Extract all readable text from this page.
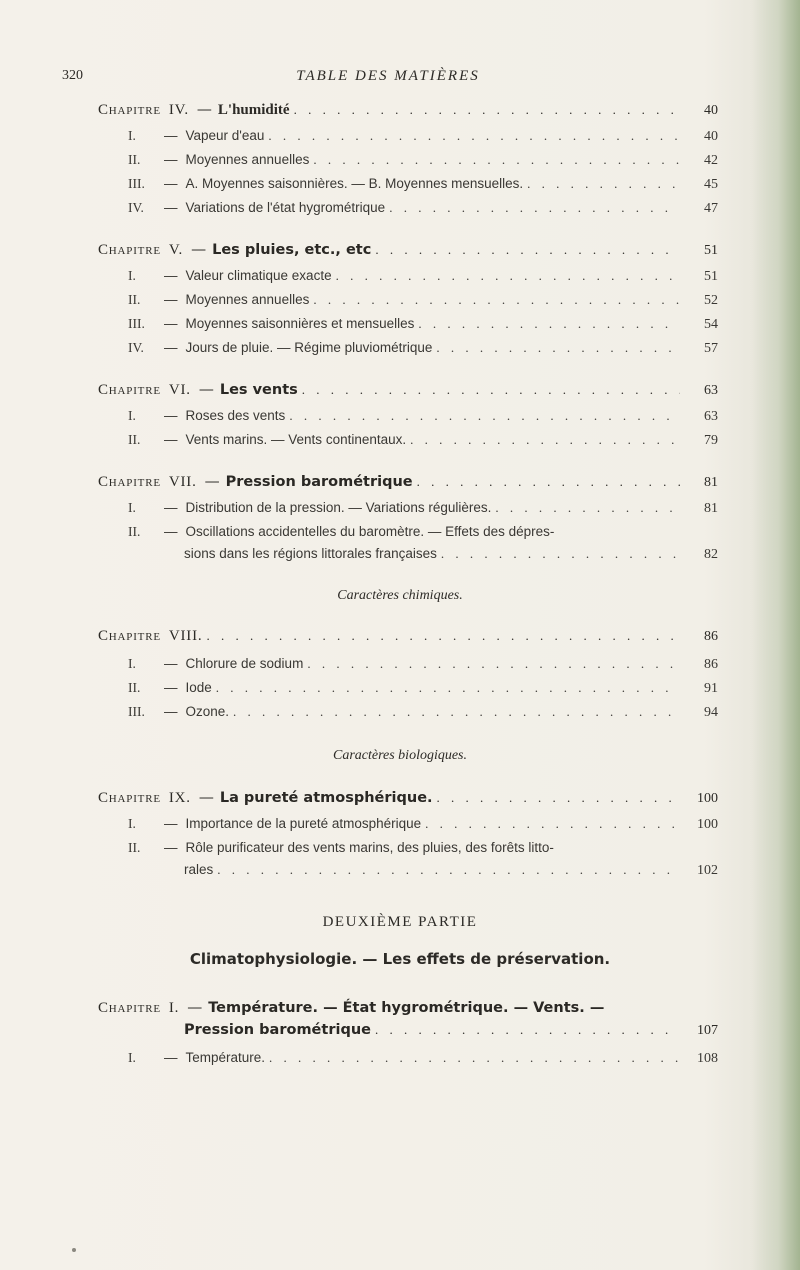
320	TABLE DES MATIÈRES
Chapitre IV. — L'humidité . . .	40
I.	— Vapeur d'eau . . .	40
II.	— Moyennes annuelles . . .	42
III.	— A. Moyennes saisonnières. — B. Moyennes mensuelles. . . .	45
IV.	— Variations de l'état hygrométrique . . .	47
Chapitre V. — Les pluies, etc., etc . . .	51
I.	— Valeur climatique exacte . . .	51
II.	— Moyennes annuelles . . .	52
III.	— Moyennes saisonnières et mensuelles . . .	54
IV.	— Jours de pluie. — Régime pluviométrique . . .	57
Chapitre VI. — Les vents . . .	63
I.	— Roses des vents . . .	63
II.	— Vents marins. — Vents continentaux. . . .	79
Chapitre VII. — Pression barométrique . . .	81
I.	— Distribution de la pression. — Variations régulières. . . .	81
II.	— Oscillations accidentelles du baromètre. — Effets des dépres-
sions dans les régions littorales françaises . . .	82
Caractères chimiques.
Chapitre VIII. . . .	86
I.	— Chlorure de sodium . . .	86
II.	— Iode . . .	91
III.	— Ozone. . . .	94
Caractères biologiques.
Chapitre IX. — La pureté atmosphérique. . . .	100
I.	— Importance de la pureté atmosphérique . . .	100
II.	— Rôle purificateur des vents marins, des pluies, des forêts litto-
rales . . .	102
DEUXIÈME PARTIE
Climatophysiologie. — Les effets de préservation.
Chapitre I. — Température. — État hygrométrique. — Vents. —
Pression barométrique . . .	107
I.	— Température. . . .	108
